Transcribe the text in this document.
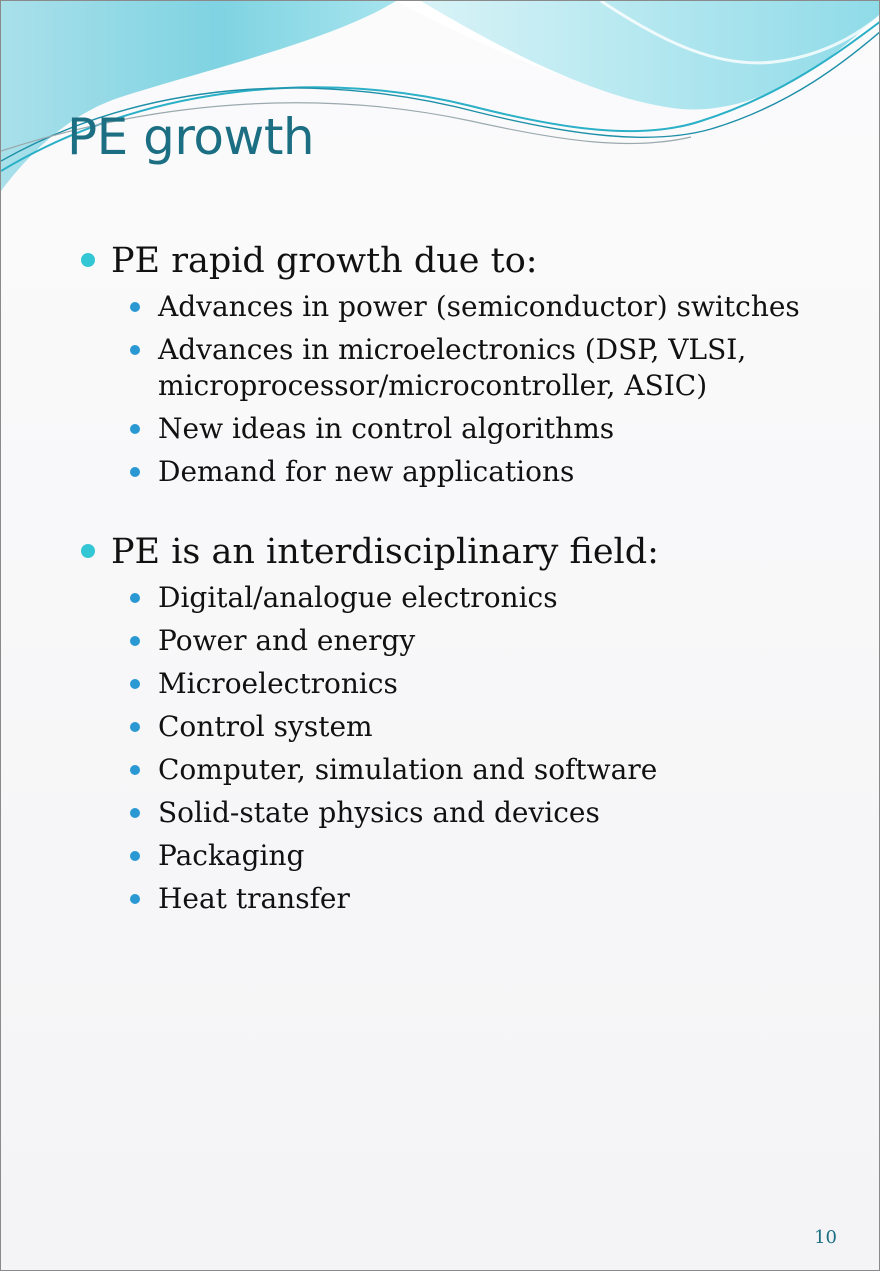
PE growth
PE rapid growth due to:
Advances in power (semiconductor) switches
Advances in microelectronics (DSP, VLSI, microprocessor/microcontroller, ASIC)
New ideas in control algorithms
Demand for new applications
PE is an interdisciplinary field:
Digital/analogue electronics
Power and energy
Microelectronics
Control system
Computer, simulation and software
Solid-state physics and devices
Packaging
Heat transfer
10
